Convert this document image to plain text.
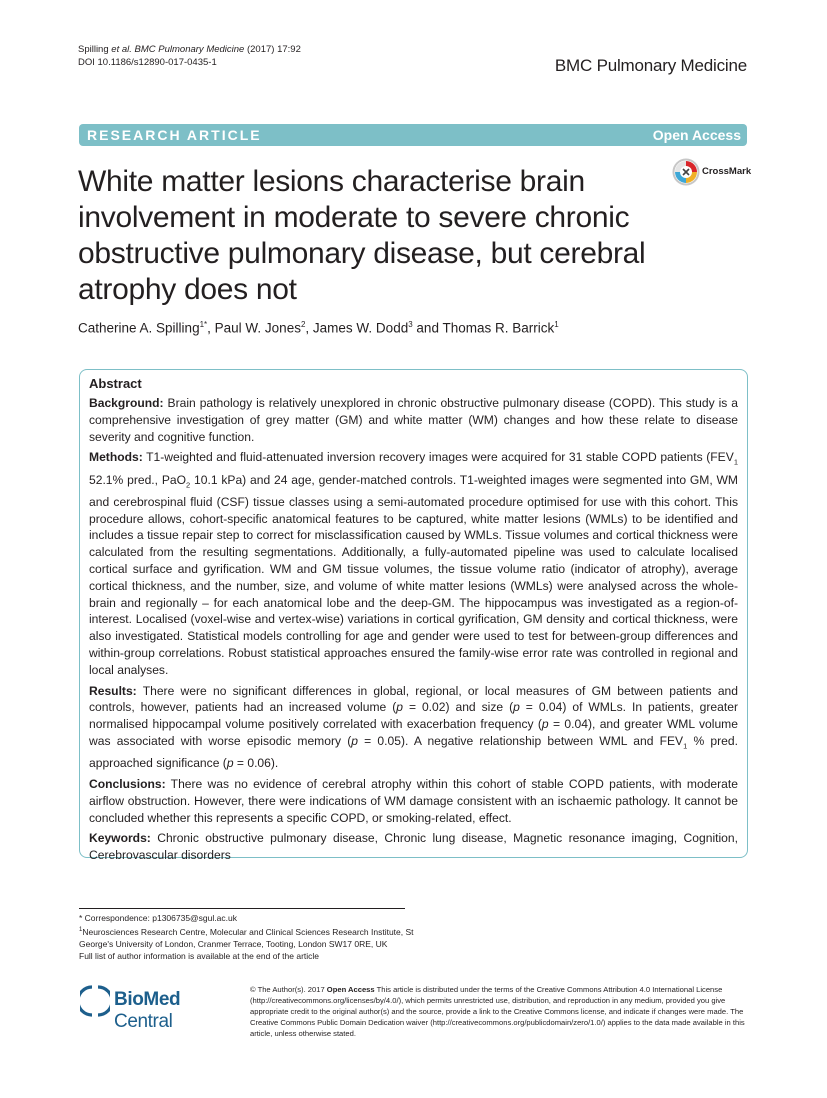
Spilling et al. BMC Pulmonary Medicine (2017) 17:92
DOI 10.1186/s12890-017-0435-1	BMC Pulmonary Medicine
RESEARCH ARTICLE	Open Access
White matter lesions characterise brain involvement in moderate to severe chronic obstructive pulmonary disease, but cerebral atrophy does not
CrossMark
Catherine A. Spilling$^{1*}$, Paul W. Jones$^2$, James W. Dodd$^3$ and Thomas R. Barrick$^1$
Abstract

Background: Brain pathology is relatively unexplored in chronic obstructive pulmonary disease (COPD). This study is a comprehensive investigation of grey matter (GM) and white matter (WM) changes and how these relate to disease severity and cognitive function.

Methods: T1-weighted and fluid-attenuated inversion recovery images were acquired for 31 stable COPD patients ($FEV_1$ 52.1% pred., PaO$_2$ 10.1 kPa) and 24 age, gender-matched controls. T1-weighted images were segmented into GM, WM and cerebrospinal fluid (CSF) tissue classes using a semi-automated procedure optimised for use with this cohort. This procedure allows, cohort-specific anatomical features to be captured, white matter lesions (WMLs) to be identified and includes a tissue repair step to correct for misclassification caused by WMLs. Tissue volumes and cortical thickness were calculated from the resulting segmentations. Additionally, a fully-automated pipeline was used to calculate localised cortical surface and gyrification. WM and GM tissue volumes, the tissue volume ratio (indicator of atrophy), average cortical thickness, and the number, size, and volume of white matter lesions (WMLs) were analysed across the whole-brain and regionally – for each anatomical lobe and the deep-GM. The hippocampus was investigated as a region-of-interest. Localised (voxel-wise and vertex-wise) variations in cortical gyrification, GM density and cortical thickness, were also investigated. Statistical models controlling for age and gender were used to test for between-group differences and within-group correlations. Robust statistical approaches ensured the family-wise error rate was controlled in regional and local analyses.

Results: There were no significant differences in global, regional, or local measures of GM between patients and controls, however, patients had an increased volume (p = 0.02) and size (p = 0.04) of WMLs. In patients, greater normalised hippocampal volume positively correlated with exacerbation frequency (p = 0.04), and greater WML volume was associated with worse episodic memory (p = 0.05). A negative relationship between WML and $FEV_1$ % pred. approached significance (p = 0.06).

Conclusions: There was no evidence of cerebral atrophy within this cohort of stable COPD patients, with moderate airflow obstruction. However, there were indications of WM damage consistent with an ischaemic pathology. It cannot be concluded whether this represents a specific COPD, or smoking-related, effect.

Keywords: Chronic obstructive pulmonary disease, Chronic lung disease, Magnetic resonance imaging, Cognition, Cerebrovascular disorders

* Correspondence: p1306735@sgul.ac.uk
$^1$Neurosciences Research Centre, Molecular and Clinical Sciences Research Institute, St George's University of London, Cranmer Terrace, Tooting, London SW17 0RE, UK
Full list of author information is available at the end of the article
BioMed Central
© The Author(s). 2017 Open Access This article is distributed under the terms of the Creative Commons Attribution 4.0 International License (http://creativecommons.org/licenses/by/4.0/), which permits unrestricted use, distribution, and reproduction in any medium, provided you give appropriate credit to the original author(s) and the source, provide a link to the Creative Commons license, and indicate if changes were made. The Creative Commons Public Domain Dedication waiver (http://creativecommons.org/publicdomain/zero/1.0/) applies to the data made available in this article, unless otherwise stated.
